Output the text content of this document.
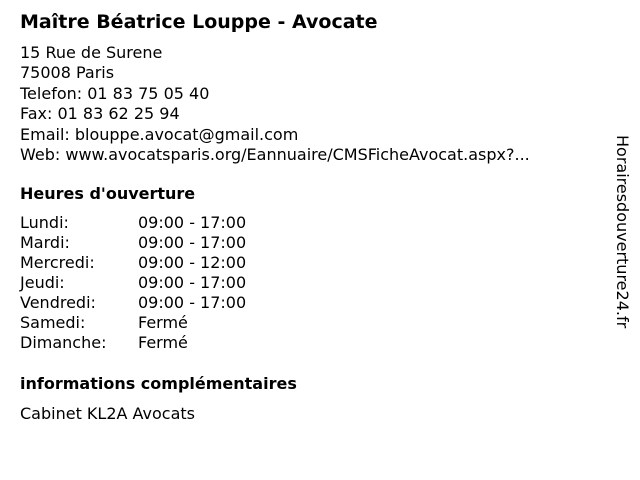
Maître Béatrice Louppe - Avocate
15 Rue de Surene
75008 Paris
Telefon: 01 83 75 05 40
Fax: 01 83 62 25 94
Email: blouppe.avocat@gmail.com
Web: www.avocatsparis.org/Eannuaire/CMSFicheAvocat.aspx?...
Heures d'ouverture
Lundi:	09:00 - 17:00
Mardi:	09:00 - 17:00
Mercredi:	09:00 - 12:00
Jeudi:	09:00 - 17:00
Vendredi:	09:00 - 17:00
Samedi:	Fermé
Dimanche:	Fermé
informations complémentaires
Cabinet KL2A Avocats
Horairesdouverture24.fr
